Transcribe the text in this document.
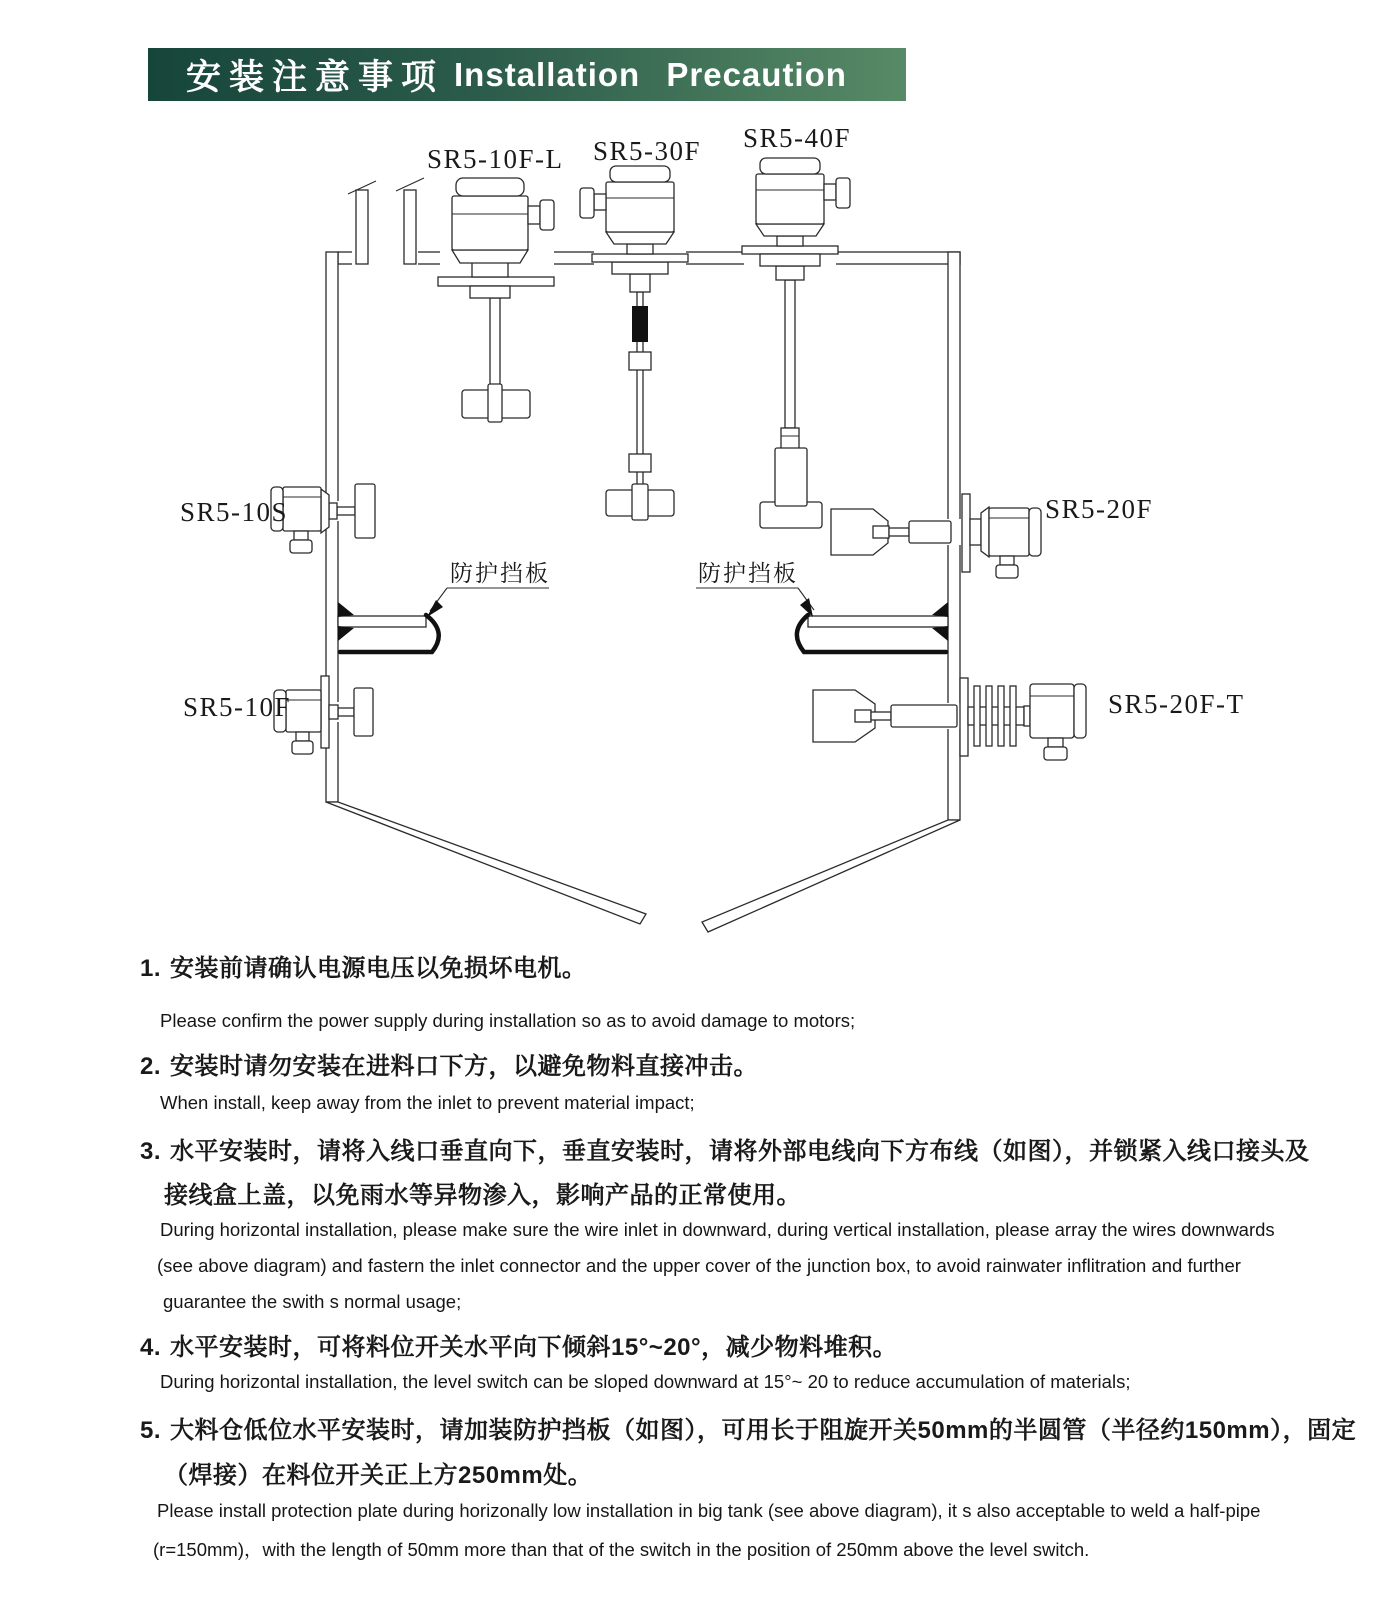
安装注意事项 Installation Precaution
SR5-10F-L SR5-30F SR5-40F
SR5-10S
SR5-10F
SR5-20F
SR5-20F-T
防护挡板	防护挡板
1. 安装前请确认电源电压以免损坏电机。
Please confirm the power supply during installation so as to avoid damage to motors;
2. 安装时请勿安装在进料口下方，以避免物料直接冲击。
When install, keep away from the inlet to prevent material impact;
3. 水平安装时，请将入线口垂直向下，垂直安装时，请将外部电线向下方布线（如图），并锁紧入线口接头及
接线盒上盖，以免雨水等异物渗入，影响产品的正常使用。
During horizontal installation, please make sure the wire inlet in downward, during vertical installation, please array the wires downwards
(see above diagram) and fastern the inlet connector and the upper cover of the junction box, to avoid rainwater inflitration and further
guarantee the swith s normal usage;
4. 水平安装时，可将料位开关水平向下倾斜15°~20°，减少物料堆积。
During horizontal installation, the level switch can be sloped downward at 15°~ 20 to reduce accumulation of materials;
5. 大料仓低位水平安装时，请加装防护挡板（如图），可用长于阻旋开关50mm的半圆管（半径约150mm），固定
（焊接）在料位开关正上方250mm处。
Please install protection plate during horizonally low installation in big tank (see above diagram), it s also acceptable to weld a half-pipe
(r=150mm)，with the length of 50mm more than that of the switch in the position of 250mm above the level switch.
